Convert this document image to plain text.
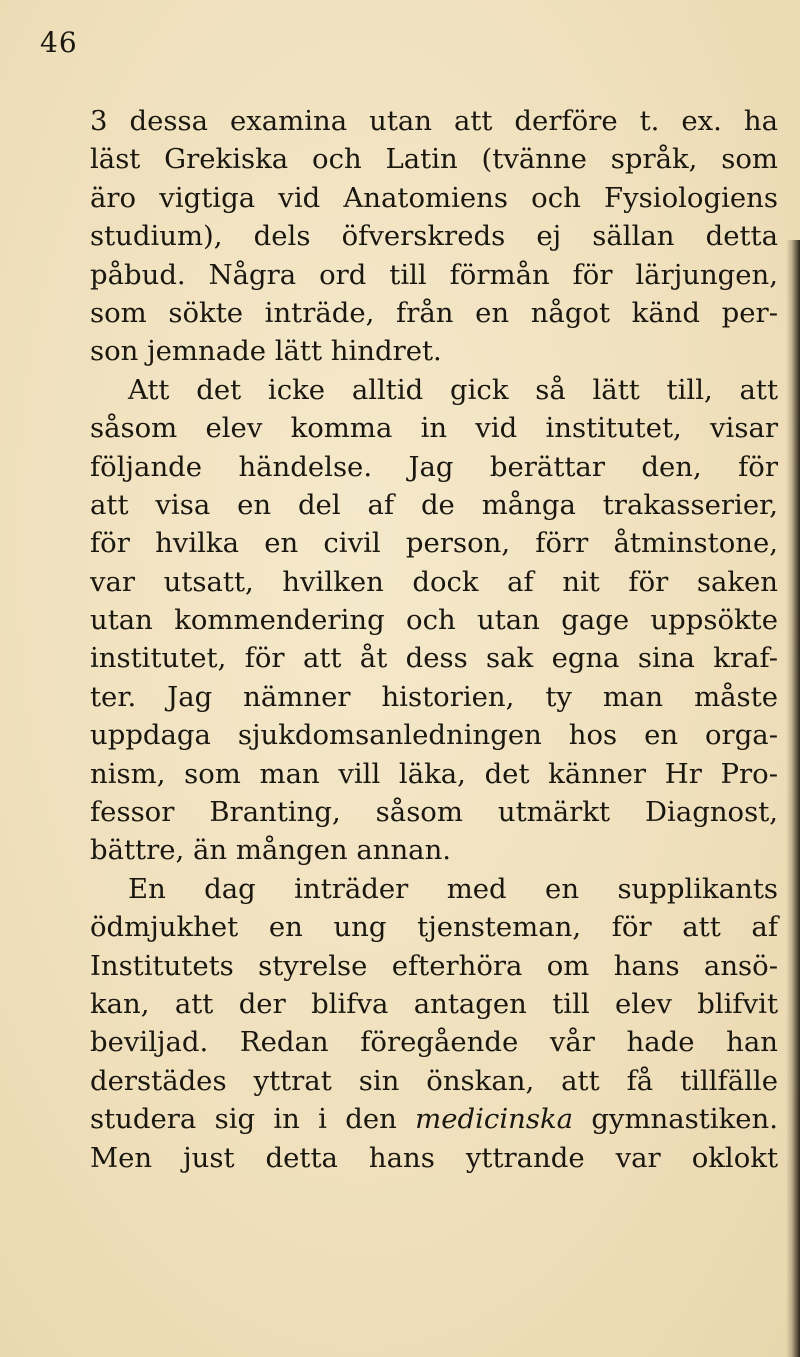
46
3 dessa examina utan att derföre t. ex. ha
läst Grekiska och Latin (tvänne språk, som
äro vigtiga vid Anatomiens och Fysiologiens
studium), dels öfverskreds ej sällan detta
påbud. Några ord till förmån för lärjungen,
som sökte inträde, från en något känd per-
son jemnade lätt hindret.
Att det icke alltid gick så lätt till, att
såsom elev komma in vid institutet, visar
följande händelse. Jag berättar den, för
att visa en del af de många trakasserier,
för hvilka en civil person, förr åtminstone,
var utsatt, hvilken dock af nit för saken
utan kommendering och utan gage uppsökte
institutet, för att åt dess sak egna sina kraf-
ter. Jag nämner historien, ty man måste
uppdaga sjukdomsanledningen hos en orga-
nism, som man vill läka, det känner Hr Pro-
fessor Branting, såsom utmärkt Diagnost,
bättre, än mången annan.
En dag inträder med en supplikants
ödmjukhet en ung tjensteman, för att af
Institutets styrelse efterhöra om hans ansö-
kan, att der blifva antagen till elev blifvit
beviljad. Redan föregående vår hade han
derstädes yttrat sin önskan, att få tillfälle
studera sig in i den medicinska gymnastiken.
Men just detta hans yttrande var oklokt
